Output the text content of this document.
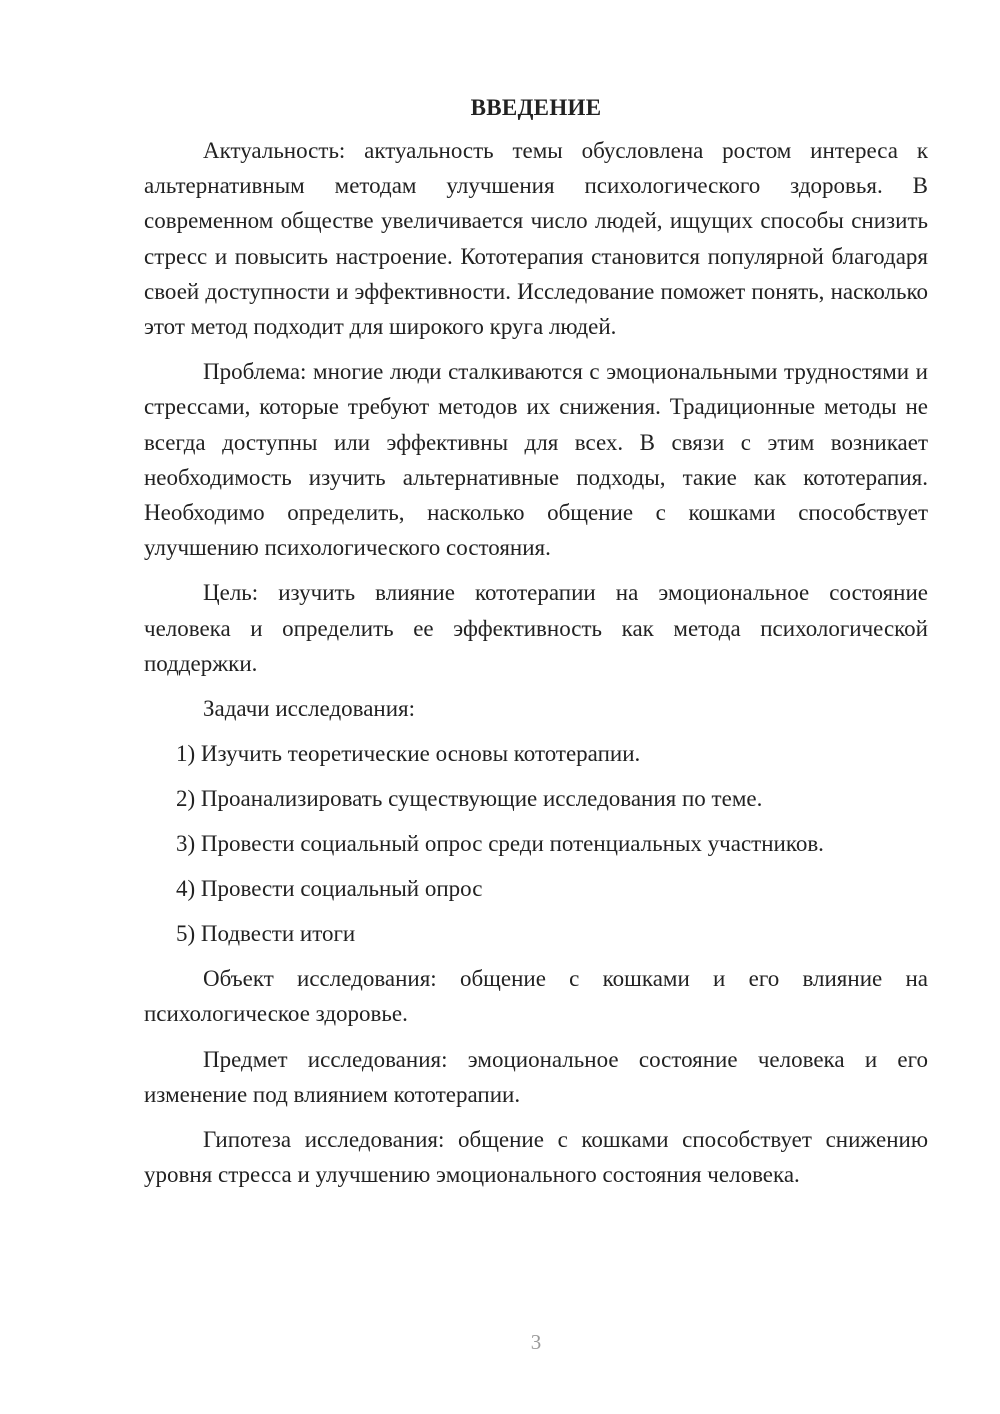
ВВЕДЕНИЕ

Актуальность: актуальность темы обусловлена ростом интереса к альтернативным методам улучшения психологического здоровья. В современном обществе увеличивается число людей, ищущих способы снизить стресс и повысить настроение. Кототерапия становится популярной благодаря своей доступности и эффективности. Исследование поможет понять, насколько этот метод подходит для широкого круга людей.

Проблема: многие люди сталкиваются с эмоциональными трудностями и стрессами, которые требуют методов их снижения. Традиционные методы не всегда доступны или эффективны для всех. В связи с этим возникает необходимость изучить альтернативные подходы, такие как кототерапия. Необходимо определить, насколько общение с кошками способствует улучшению психологического состояния.

Цель: изучить влияние кототерапии на эмоциональное состояние человека и определить ее эффективность как метода психологической поддержки.

Задачи исследования:

1) Изучить теоретические основы кототерапии.
2) Проанализировать существующие исследования по теме.
3) Провести социальный опрос среди потенциальных участников.
4) Провести социальный опрос
5) Подвести итоги

Объект исследования: общение с кошками и его влияние на психологическое здоровье.

Предмет исследования: эмоциональное состояние человека и его изменение под влиянием кототерапии.

Гипотеза исследования: общение с кошками способствует снижению уровня стресса и улучшению эмоционального состояния человека.

3
